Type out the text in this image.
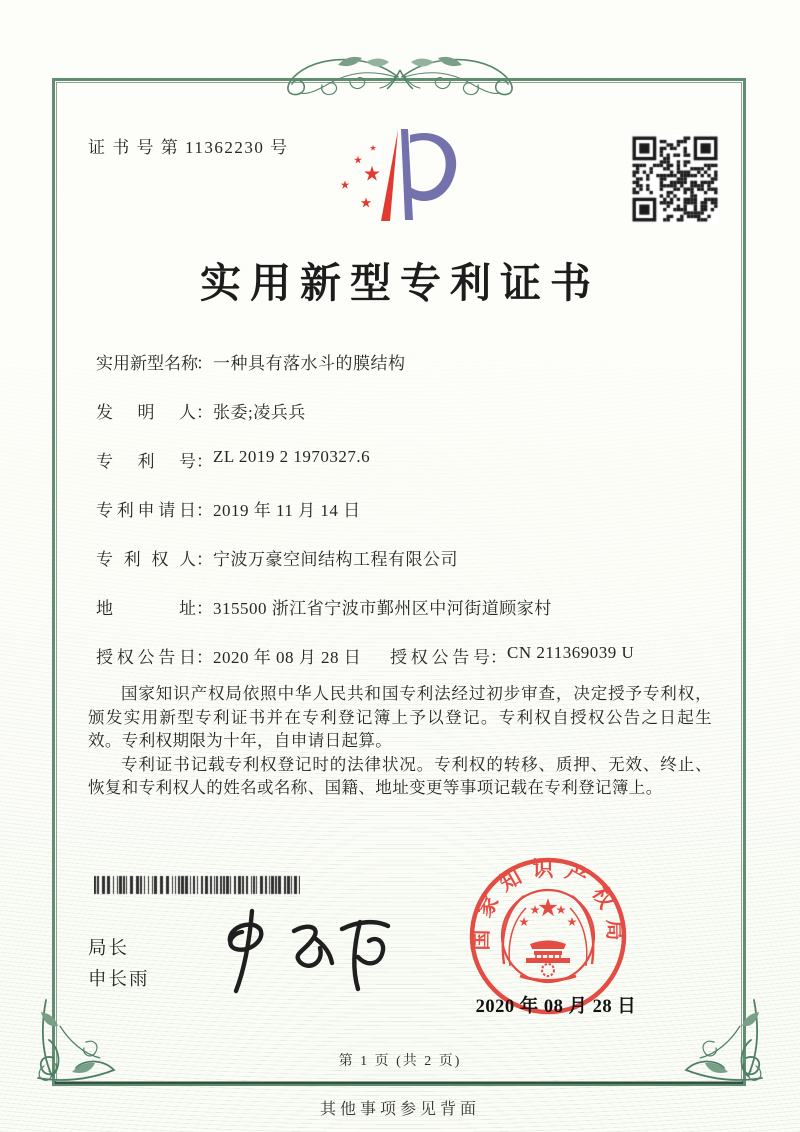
证 书 号 第 11362230 号
实用新型专利证书
实用新型名称：一种具有落水斗的膜结构
发明人：张委;凌兵兵
专利号：ZL 2019 2 1970327.6
专利申请日：2019 年 11 月 14 日
专利权人：宁波万豪空间结构工程有限公司
地址：315500 浙江省宁波市鄞州区中河街道顾家村
授权公告日：2020 年 08 月 28 日 授权公告号：CN 211369039 U

国家知识产权局依照中华人民共和国专利法经过初步审查，决定授予专利权，颁发实用新型专利证书并在专利登记簿上予以登记。专利权自授权公告之日起生效。专利权期限为十年，自申请日起算。

专利证书记载专利权登记时的法律状况。专利权的转移、质押、无效、终止、恢复和专利权人的姓名或名称、国籍、地址变更等事项记载在专利登记簿上。

局长
申长雨
国家知识产权局
2020 年 08 月 28 日
第 1 页 (共 2 页)
其他事项参见背面
